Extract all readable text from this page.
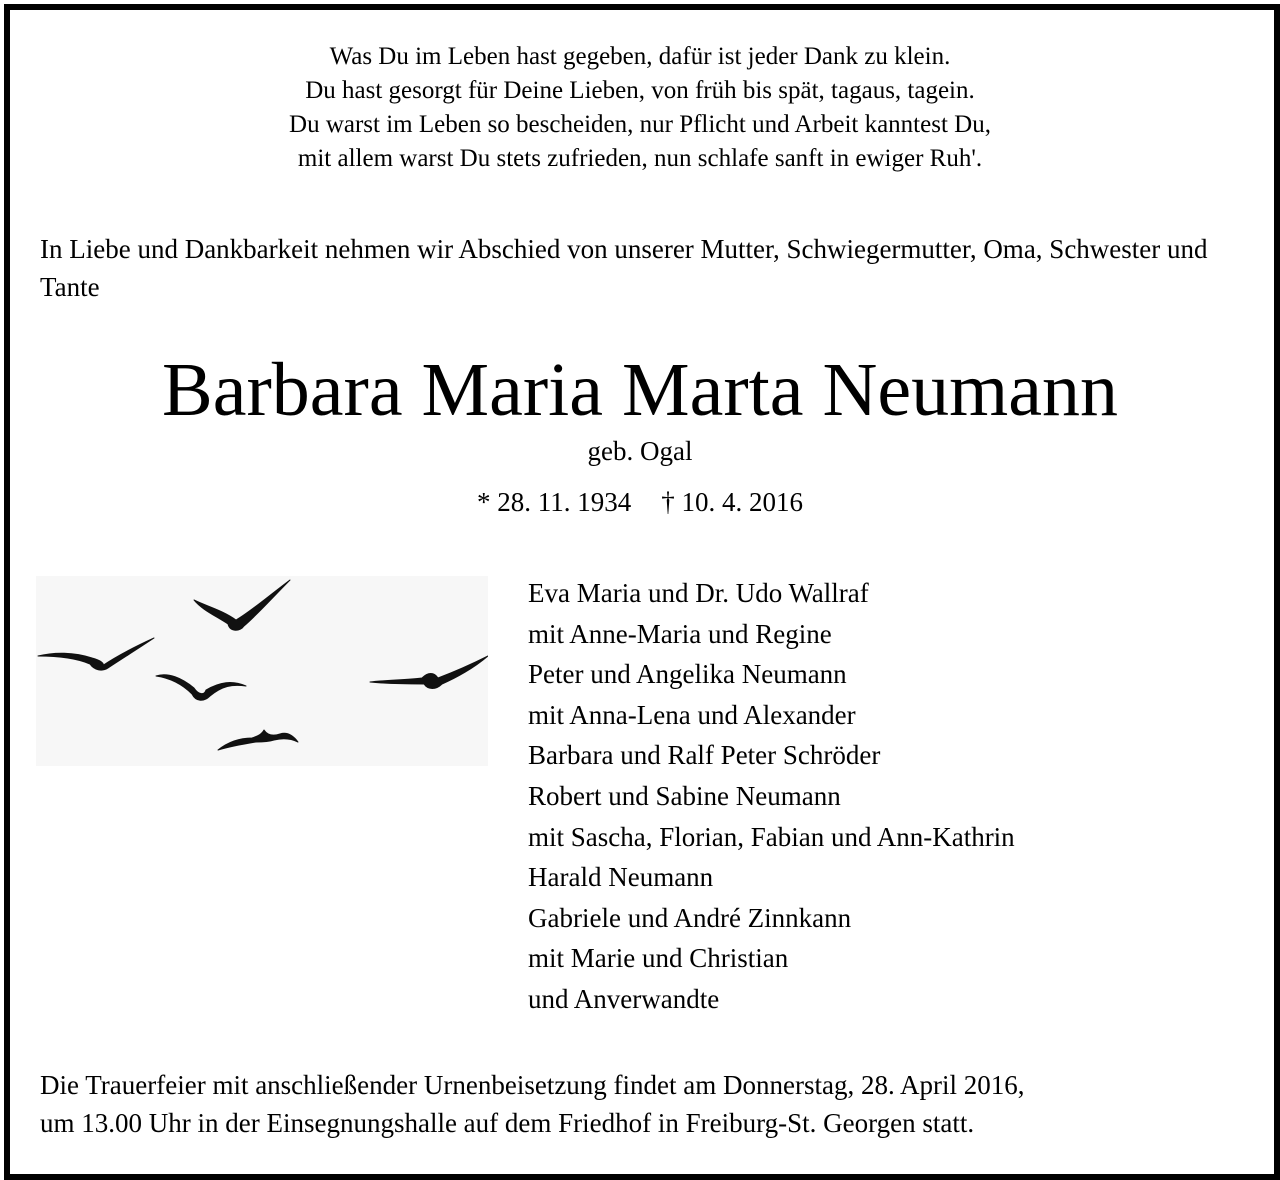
Was Du im Leben hast gegeben, dafür ist jeder Dank zu klein.
Du hast gesorgt für Deine Lieben, von früh bis spät, tagaus, tagein.
Du warst im Leben so bescheiden, nur Pflicht und Arbeit kanntest Du,
mit allem warst Du stets zufrieden, nun schlafe sanft in ewiger Ruh'.
In Liebe und Dankbarkeit nehmen wir Abschied von unserer Mutter, Schwiegermutter, Oma, Schwester und Tante
Barbara Maria Marta Neumann
geb. Ogal
* 28. 11. 1934 † 10. 4. 2016
Eva Maria und Dr. Udo Wallraf
mit Anne-Maria und Regine
Peter und Angelika Neumann
mit Anna-Lena und Alexander
Barbara und Ralf Peter Schröder
Robert und Sabine Neumann
mit Sascha, Florian, Fabian und Ann-Kathrin
Harald Neumann
Gabriele und André Zinnkann
mit Marie und Christian
und Anverwandte
Die Trauerfeier mit anschließender Urnenbeisetzung findet am Donnerstag, 28. April 2016,
um 13.00 Uhr in der Einsegnungshalle auf dem Friedhof in Freiburg-St. Georgen statt.
